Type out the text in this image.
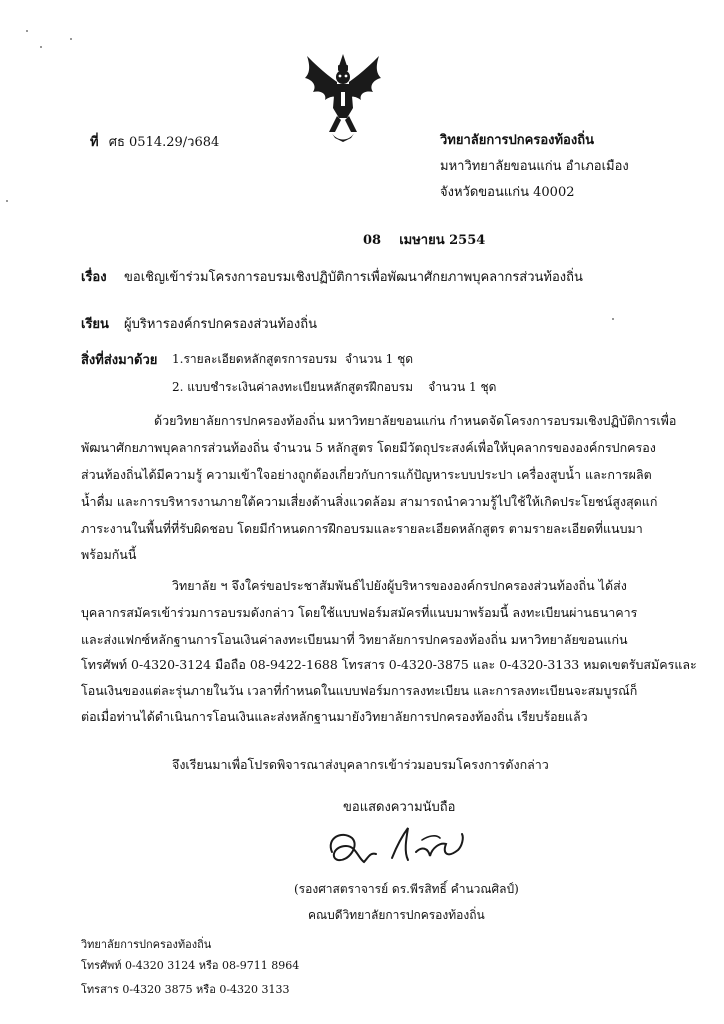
ที่ ศธ 0514.29/ว684	วิทยาลัยการปกครองท้องถิ่น
มหาวิทยาลัยขอนแก่น อำเภอเมือง
จังหวัดขอนแก่น 40002
08    เมษายน 2554
เรื่อง ขอเชิญเข้าร่วมโครงการอบรมเชิงปฏิบัติการเพื่อพัฒนาศักยภาพบุคลากรส่วนท้องถิ่น
เรียน ผู้บริหารองค์กรปกครองส่วนท้องถิ่น
สิ่งที่ส่งมาด้วย 1.รายละเอียดหลักสูตรการอบรม  จำนวน 1 ชุด
2. แบบชำระเงินค่าลงทะเบียนหลักสูตรฝึกอบรม    จำนวน 1 ชุด
ด้วยวิทยาลัยการปกครองท้องถิ่น มหาวิทยาลัยขอนแก่น กำหนดจัดโครงการอบรมเชิงปฏิบัติการเพื่อ
พัฒนาศักยภาพบุคลากรส่วนท้องถิ่น จำนวน 5 หลักสูตร โดยมีวัตถุประสงค์เพื่อให้บุคลากรขององค์กรปกครอง
ส่วนท้องถิ่นได้มีความรู้ ความเข้าใจอย่างถูกต้องเกี่ยวกับการแก้ปัญหาระบบประปา เครื่องสูบน้ำ และการผลิต
น้ำดื่ม และการบริหารงานภายใต้ความเสี่ยงด้านสิ่งแวดล้อม สามารถนำความรู้ไปใช้ให้เกิดประโยชน์สูงสุดแก่
ภาระงานในพื้นที่ที่รับผิดชอบ โดยมีกำหนดการฝึกอบรมและรายละเอียดหลักสูตร ตามรายละเอียดที่แนบมา
พร้อมกันนี้
วิทยาลัย ฯ จึงใคร่ขอประชาสัมพันธ์ไปยังผู้บริหารขององค์กรปกครองส่วนท้องถิ่น ได้ส่ง
บุคลากรสมัครเข้าร่วมการอบรมดังกล่าว โดยใช้แบบฟอร์มสมัครที่แนบมาพร้อมนี้ ลงทะเบียนผ่านธนาคาร
และส่งแฟกซ์หลักฐานการโอนเงินค่าลงทะเบียนมาที่ วิทยาลัยการปกครองท้องถิ่น มหาวิทยาลัยขอนแก่น
โทรศัพท์ 0-4320-3124 มือถือ 08-9422-1688 โทรสาร 0-4320-3875 และ 0-4320-3133 หมดเขตรับสมัครและ
โอนเงินของแต่ละรุ่นภายในวัน เวลาที่กำหนดในแบบฟอร์มการลงทะเบียน และการลงทะเบียนจะสมบูรณ์ก็
ต่อเมื่อท่านได้ดำเนินการโอนเงินและส่งหลักฐานมายังวิทยาลัยการปกครองท้องถิ่น เรียบร้อยแล้ว
จึงเรียนมาเพื่อโปรดพิจารณาส่งบุคลากรเข้าร่วมอบรมโครงการดังกล่าว
ขอแสดงความนับถือ
(รองศาสตราจารย์ ดร.พีรสิทธิ์ คำนวณศิลป์)
คณบดีวิทยาลัยการปกครองท้องถิ่น
วิทยาลัยการปกครองท้องถิ่น
โทรศัพท์ 0-4320 3124 หรือ 08-9711 8964
โทรสาร 0-4320 3875 หรือ 0-4320 3133
